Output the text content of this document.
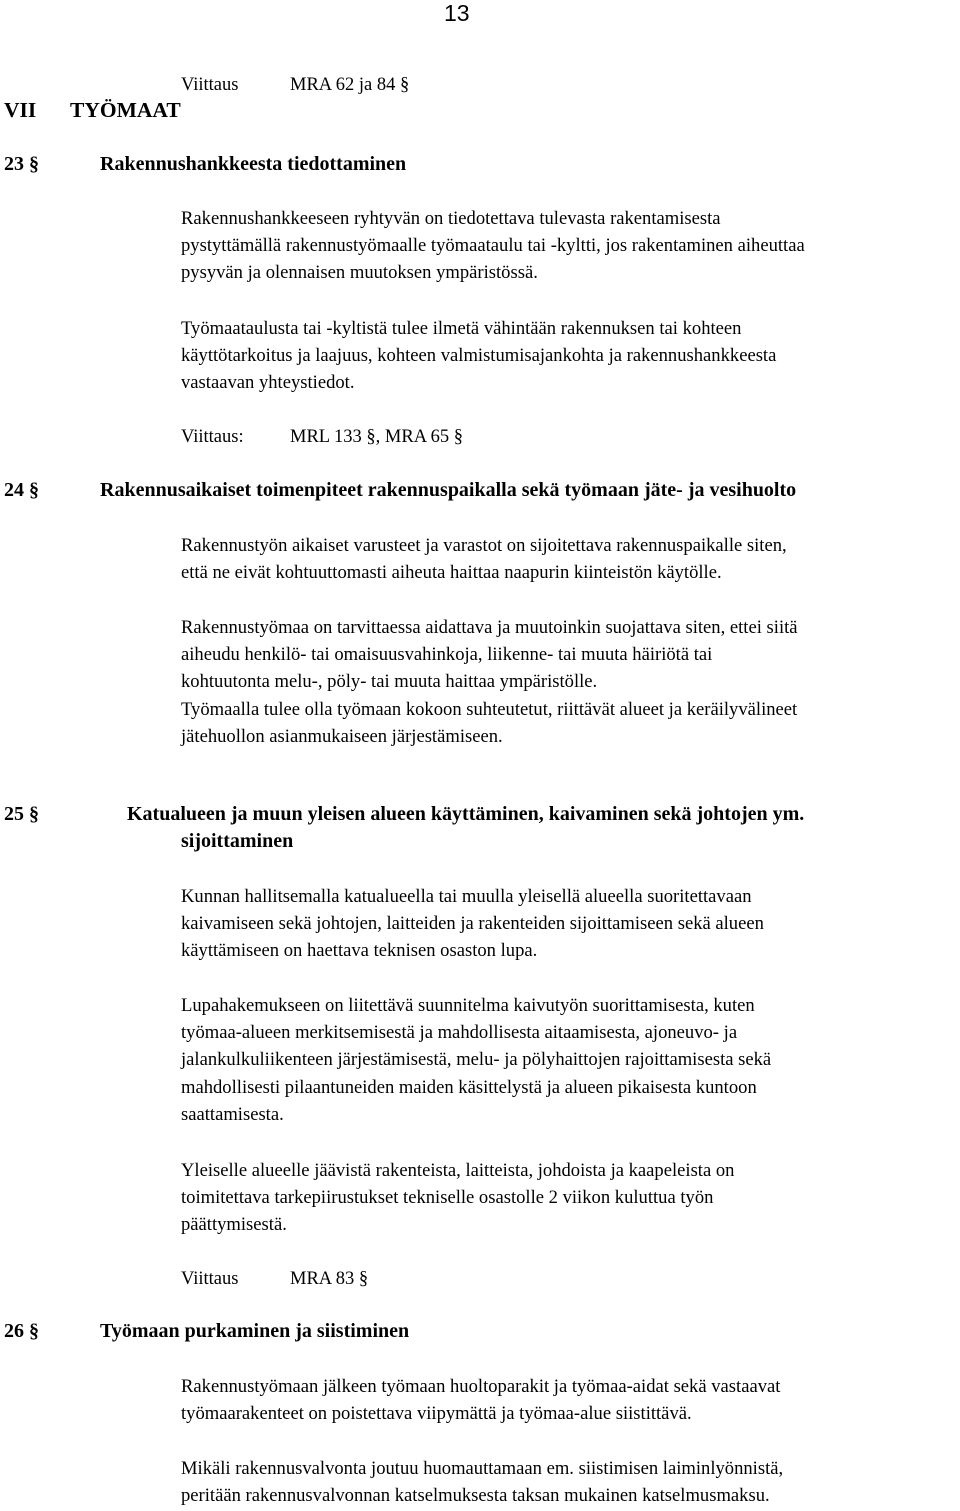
13
Viittaus	MRA 62 ja 84 §
VII TYÖMAAT
23 §	Rakennushankkeesta tiedottaminen

Rakennushankkeeseen ryhtyvän on tiedotettava tulevasta rakentamisesta
pystyttämällä rakennustyömaalle työmaataulu tai -kyltti, jos rakentaminen aiheuttaa
pysyvän ja olennaisen muutoksen ympäristössä.

Työmaataulusta tai -kyltistä tulee ilmetä vähintään rakennuksen tai kohteen
käyttötarkoitus ja laajuus, kohteen valmistumisajankohta ja rakennushankkeesta
vastaavan yhteystiedot.

Viittaus:	MRL 133 §, MRA 65 §
24 §	Rakennusaikaiset toimenpiteet rakennuspaikalla sekä työmaan jäte- ja vesihuolto

Rakennustyön aikaiset varusteet ja varastot on sijoitettava rakennuspaikalle siten,
että ne eivät kohtuuttomasti aiheuta haittaa naapurin kiinteistön käytölle.

Rakennustyömaa on tarvittaessa aidattava ja muutoinkin suojattava siten, ettei siitä
aiheudu henkilö- tai omaisuusvahinkoja, liikenne- tai muuta häiriötä tai
kohtuutonta melu-, pöly- tai muuta haittaa ympäristölle.
Työmaalla tulee olla työmaan kokoon suhteutetut, riittävät alueet ja keräilyvälineet
jätehuollon asianmukaiseen järjestämiseen.

25 §	Katualueen ja muun yleisen alueen käyttäminen, kaivaminen sekä johtojen ym.
sijoittaminen

Kunnan hallitsemalla katualueella tai muulla yleisellä alueella suoritettavaan
kaivamiseen sekä johtojen, laitteiden ja rakenteiden sijoittamiseen sekä alueen
käyttämiseen on haettava teknisen osaston lupa.

Lupahakemukseen on liitettävä suunnitelma kaivutyön suorittamisesta, kuten
työmaa-alueen merkitsemisestä ja mahdollisesta aitaamisesta, ajoneuvo- ja
jalankulkuliikenteen järjestämisestä, melu- ja pölyhaittojen rajoittamisesta sekä
mahdollisesti pilaantuneiden maiden käsittelystä ja alueen pikaisesta kuntoon
saattamisesta.

Yleiselle alueelle jäävistä rakenteista, laitteista, johdoista ja kaapeleista on
toimitettava tarkepiirustukset tekniselle osastolle 2 viikon kuluttua työn
päättymisestä.

Viittaus	MRA 83 §
26 §	Työmaan purkaminen ja siistiminen

Rakennustyömaan jälkeen työmaan huoltoparakit ja työmaa-aidat sekä vastaavat
työmaarakenteet on poistettava viipymättä ja työmaa-alue siistittävä.

Mikäli rakennusvalvonta joutuu huomauttamaan em. siistimisen laiminlyönnistä,
peritään rakennusvalvonnan katselmuksesta taksan mukainen katselmusmaksu.
